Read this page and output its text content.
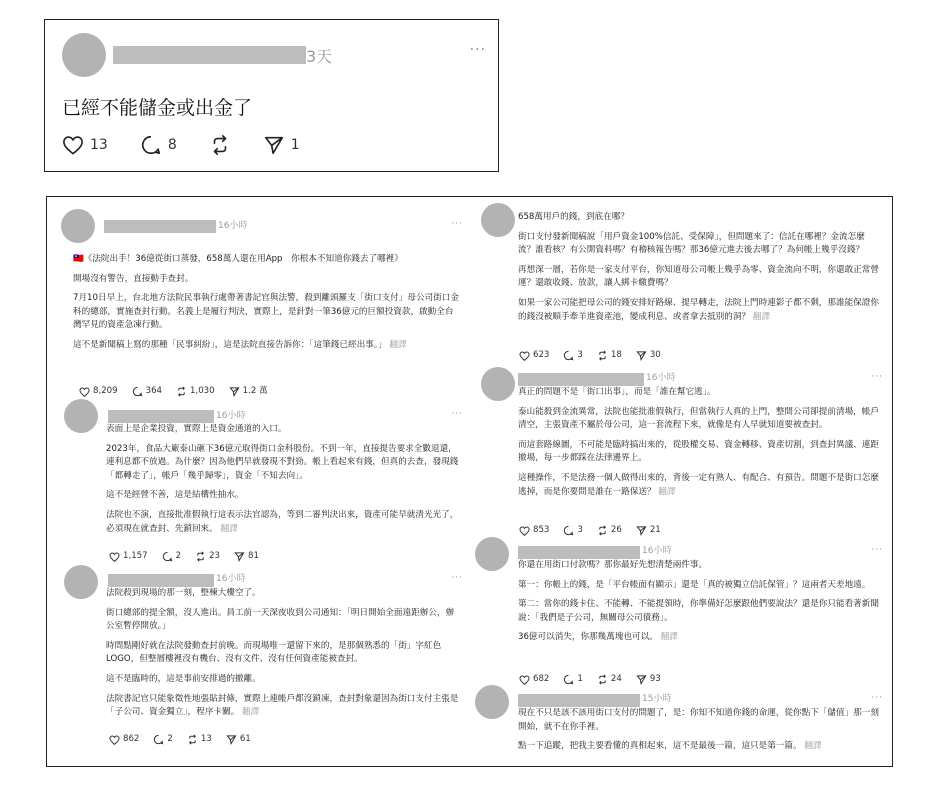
3天	···
已經不能儲金或出金了
13	8	1
16小時	···

🇹🇼《法院出手！36億從街口蒸發，658萬人還在用App　你根本不知道你錢去了哪裡》

開場沒有警告，直接動手查封。

7月10日早上，台北地方法院民事執行處帶著書記官與法警，殺到離頭羅支「街口支付」母公司街口金科的總部，實施查封行動。名義上是履行判決，實際上，是針對一筆36億元的巨額投資款，啟動全台灣罕見的資產急凍行動。

這不是新聞稿上寫的那種「民事糾紛」，這是法院直接告訴你：「這筆錢已經出事。」 翻譯
8,209	364	1,030	1.2 萬
16小時	···

表面上是企業投資，實際上是資金通道的入口。

2023年，食品大廠泰山砸下36億元取得街口金科股份。不到一年，直接提告要求全數退還，連利息都不放過。為什麼？因為他們早就發現不對勁。帳上看起來有錢，但真的去查，發現錢「都轉走了」，帳戶「幾乎歸零」，資金「不知去向」。

這不是經營不善，這是結構性抽水。

法院也不演，直接批准假執行這表示法官認為，等到二審判決出來，資產可能早就清光光了，必須現在就查封、先鎖回來。 翻譯
1,157	2	23	81
16小時	···

法院殺到現場的那一刻，整棟大樓空了。

街口總部的提全額，沒人進出。員工前一天深夜收到公司通知：「明日開始全面遠距辦公，辦公室暫停開放。」

時間點剛好就在法院發動查封前晚。而現場唯一還留下來的，是那個熟悉的「街」字紅色LOGO，但整層樓裡沒有機台、沒有文件、沒有任何資產能被查封。

這不是臨時的，這是事前安排過的撤離。

法院書記官只能象徵性地張貼封條，實際上連帳戶都沒鎖凍，查封對象還因為街口支付主張是「子公司、資金獨立」，程序卡關。 翻譯
862	2	13	61

658萬用戶的錢，到底在哪？

街口支付發新聞稿說「用戶資金100%信託、受保障」，但問題來了：信託在哪裡？金流怎麼流？誰看核？有公開資料嗎？有稽核報告嗎？那36億元進去後去哪了？為何帳上幾乎沒錢？

再想深一層，若你是一家支付平台，你知道母公司帳上幾乎為零、資金流向不明，你還敢正常營運？還敢收錢、放款，讓人綁卡繳費嗎？

如果一家公司能把母公司的錢安排好路線、提早轉走，法院上門時連影子都不剩，那誰能保證你的錢沒被順手牽羊進資產池，變成利息、或者拿去抵別的洞？ 翻譯
623	3	18	30
16小時	···

真正的問題不是「街口出事」，而是「誰在幫它逃」。

泰山能殺到金流異常，法院也能批准假執行，但當執行人真的上門，整間公司卻提前清場，帳戶清空，主張資產不屬於母公司，這一套流程下來，就像是有人早就知道要被查封。

而這套路線圖，不可能是臨時搞出來的，從股權交易、資金轉移、資產切割，到查封異議、連距撤場，每一步都踩在法律邊界上。

這種操作，不是法務一個人做得出來的，背後一定有熟人、有配合、有預告。問題不是街口怎麼逃掉，而是你要問是誰在一路保送？ 翻譯
853	3	26	21
16小時	···

你還在用街口付款嗎？那你最好先想清楚兩件事。

第一：你帳上的錢，是「平台帳面有顯示」還是「真的被獨立信託保管」？這兩者天差地遠。

第二：當你的錢卡住、不能轉、不能提領時，你準備好怎麼跟他們要說法？還是你只能看著新聞說：「我們是子公司，無關母公司債務」。

36億可以消失，你那幾萬塊也可以。 翻譯
682	1	24	93
15小時	···

現在不只是該不該用街口支付的問題了，是：你知不知道你錢的命運，從你點下「儲值」那一刻開始，就不在你手裡。

點一下追蹤，把我主要看懂的真相起來，這不是最後一篇，這只是第一篇。 翻譯
